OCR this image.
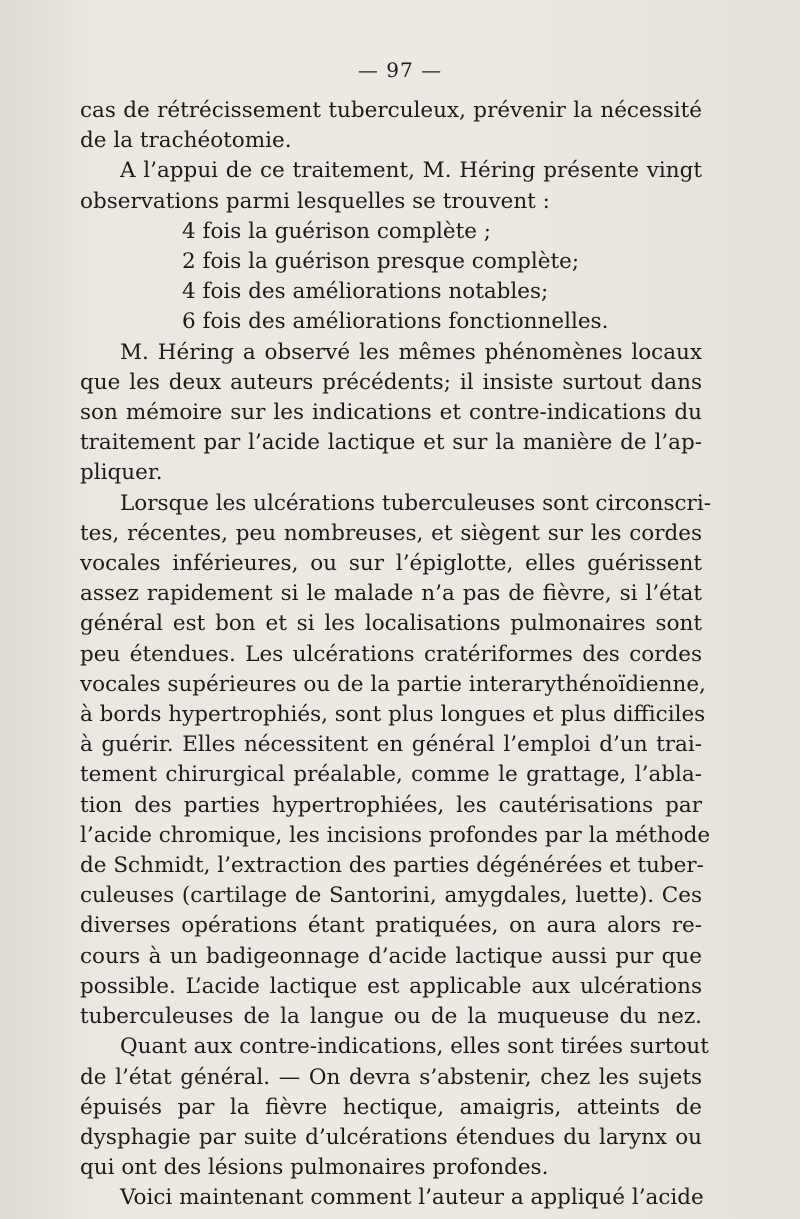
— 97 —
cas de rétrécissement tuberculeux, prévenir la nécessité
de la trachéotomie.
A l’appui de ce traitement, M. Héring présente vingt
observations parmi lesquelles se trouvent :
4 fois la guérison complète ;
2 fois la guérison presque complète;
4 fois des améliorations notables;
6 fois des améliorations fonctionnelles.
M. Héring a observé les mêmes phénomènes locaux
que les deux auteurs précédents; il insiste surtout dans
son mémoire sur les indications et contre-indications du
traitement par l’acide lactique et sur la manière de l’ap-
pliquer.
Lorsque les ulcérations tuberculeuses sont circonscri-
tes, récentes, peu nombreuses, et siègent sur les cordes
vocales inférieures, ou sur l’épiglotte, elles guérissent
assez rapidement si le malade n’a pas de fièvre, si l’état
général est bon et si les localisations pulmonaires sont
peu étendues. Les ulcérations cratériformes des cordes
vocales supérieures ou de la partie interarythénoïdienne,
à bords hypertrophiés, sont plus longues et plus difficiles
à guérir. Elles nécessitent en général l’emploi d’un trai-
tement chirurgical préalable, comme le grattage, l’abla-
tion des parties hypertrophiées, les cautérisations par
l’acide chromique, les incisions profondes par la méthode
de Schmidt, l’extraction des parties dégénérées et tuber-
culeuses (cartilage de Santorini, amygdales, luette). Ces
diverses opérations étant pratiquées, on aura alors re-
cours à un badigeonnage d’acide lactique aussi pur que
possible. L’acide lactique est applicable aux ulcérations
tuberculeuses de la langue ou de la muqueuse du nez.
Quant aux contre-indications, elles sont tirées surtout
de l’état général. — On devra s’abstenir, chez les sujets
épuisés par la fièvre hectique, amaigris, atteints de
dysphagie par suite d’ulcérations étendues du larynx ou
qui ont des lésions pulmonaires profondes.
Voici maintenant comment l’auteur a appliqué l’acide
